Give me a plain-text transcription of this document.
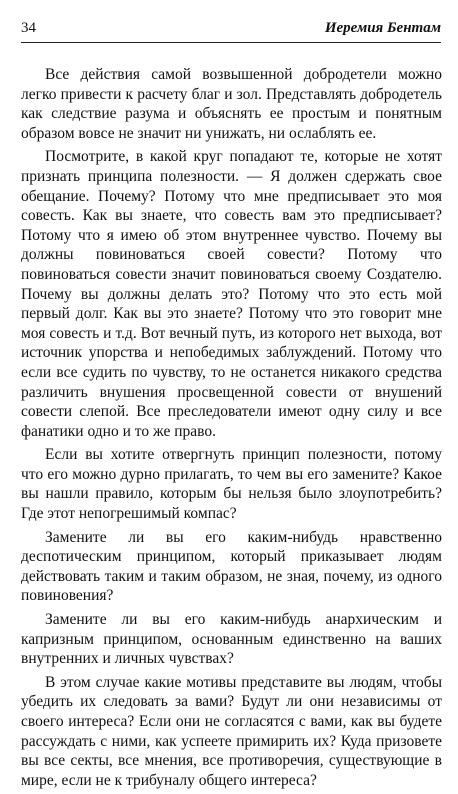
34	Иеремия Бентам

Все действия самой возвышенной добродетели можно легко привести к расчету благ и зол. Представлять добродетель как следствие разума и объяснять ее простым и понятным образом вовсе не значит ни унижать, ни ослаблять ее.

Посмотрите, в какой круг попадают те, которые не хотят признать принципа полезности. — Я должен сдержать свое обещание. Почему? Потому что мне предписывает это моя совесть. Как вы знаете, что совесть вам это предписывает? Потому что я имею об этом внутреннее чувство. Почему вы должны повиноваться своей совести? Потому что повиноваться совести значит повиноваться своему Создателю. Почему вы должны делать это? Потому что это есть мой первый долг. Как вы это знаете? Потому что это говорит мне моя совесть и т.д. Вот вечный путь, из которого нет выхода, вот источник упорства и непобедимых заблуждений. Потому что если все судить по чувству, то не останется никакого средства различить внушения просвещенной совести от внушений совести слепой. Все преследователи имеют одну силу и все фанатики одно и то же право.

Если вы хотите отвергнуть принцип полезности, потому что его можно дурно прилагать, то чем вы его замените? Какое вы нашли правило, которым бы нельзя было злоупотребить? Где этот непогрешимый компас?

Замените ли вы его каким-нибудь нравственно деспотическим принципом, который приказывает людям действовать таким и таким образом, не зная, почему, из одного повиновения?

Замените ли вы его каким-нибудь анархическим и капризным принципом, основанным единственно на ваших внутренних и личных чувствах?

В этом случае какие мотивы представите вы людям, чтобы убедить их следовать за вами? Будут ли они независимы от своего интереса? Если они не согласятся с вами, как вы будете рассуждать с ними, как успеете примирить их? Куда призовете вы все секты, все мнения, все противоречия, существующие в мире, если не к трибуналу общего интереса?
